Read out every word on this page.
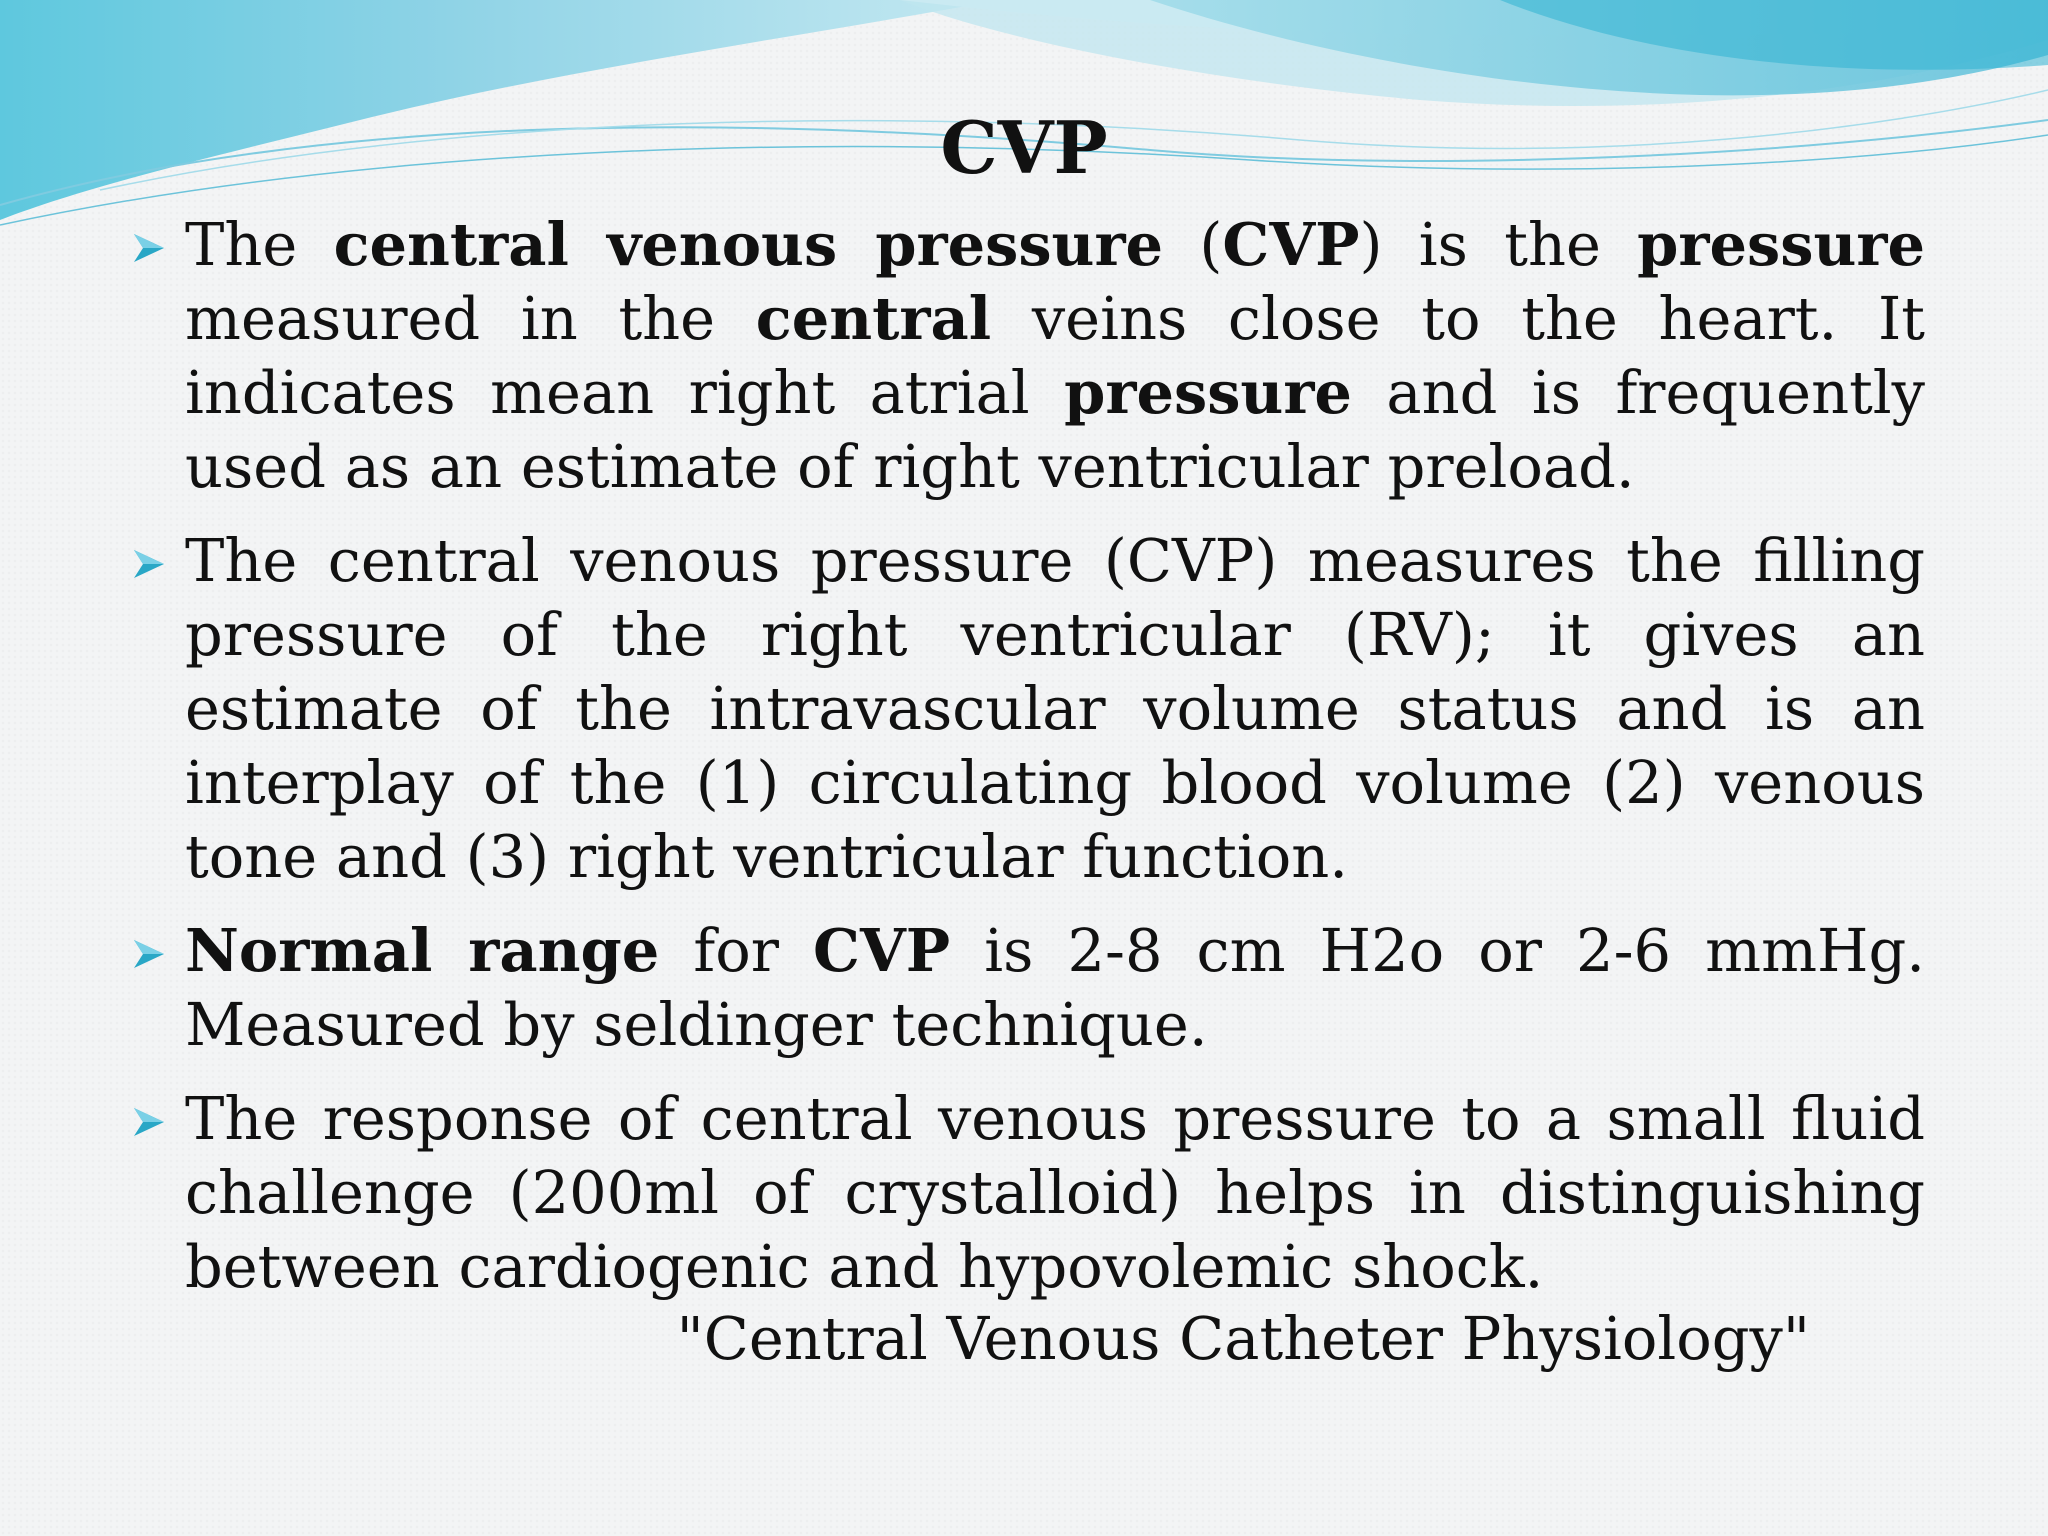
CVP
The central venous pressure (CVP) is the pressure measured in the central veins close to the heart. It indicates mean right atrial pressure and is frequently used as an estimate of right ventricular preload.
The central venous pressure (CVP) measures the filling pressure of the right ventricular (RV); it gives an estimate of the intravascular volume status and is an interplay of the (1) circulating blood volume (2) venous tone and (3) right ventricular function.
Normal range for CVP is 2-8 cm H2o or 2-6 mmHg. Measured by seldinger technique.
The response of central venous pressure to a small fluid challenge (200ml of crystalloid) helps in distinguishing between cardiogenic and hypovolemic shock.
"Central Venous Catheter Physiology"
